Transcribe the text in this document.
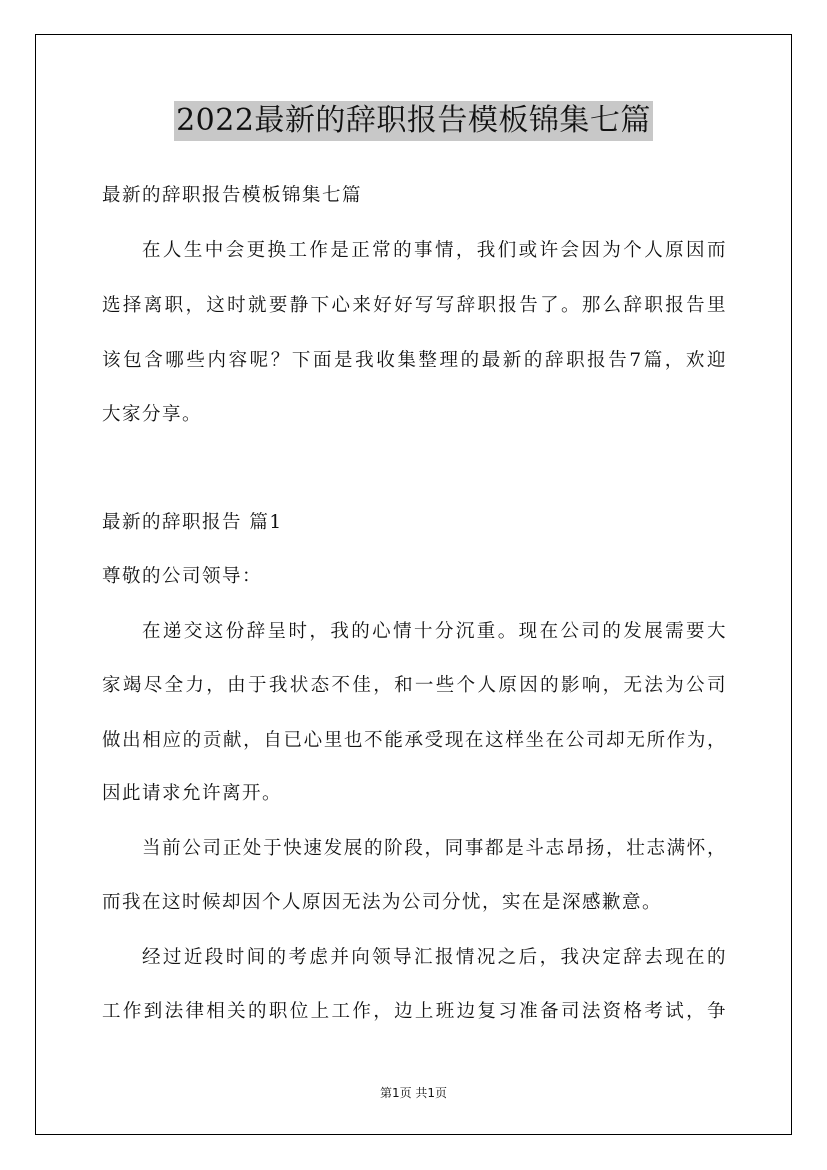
2022最新的辞职报告模板锦集七篇
最新的辞职报告模板锦集七篇
在人生中会更换工作是正常的事情，我们或许会因为个人原因而
选择离职，这时就要静下心来好好写写辞职报告了。那么辞职报告里
该包含哪些内容呢？下面是我收集整理的最新的辞职报告7篇，欢迎
大家分享。
最新的辞职报告 篇1
尊敬的公司领导：
在递交这份辞呈时，我的心情十分沉重。现在公司的发展需要大
家竭尽全力，由于我状态不佳，和一些个人原因的影响，无法为公司
做出相应的贡献，自已心里也不能承受现在这样坐在公司却无所作为，
因此请求允许离开。
当前公司正处于快速发展的阶段，同事都是斗志昂扬，壮志满怀，
而我在这时候却因个人原因无法为公司分忧，实在是深感歉意。
经过近段时间的考虑并向领导汇报情况之后，我决定辞去现在的
工作到法律相关的职位上工作，边上班边复习准备司法资格考试，争
第1页 共1页
